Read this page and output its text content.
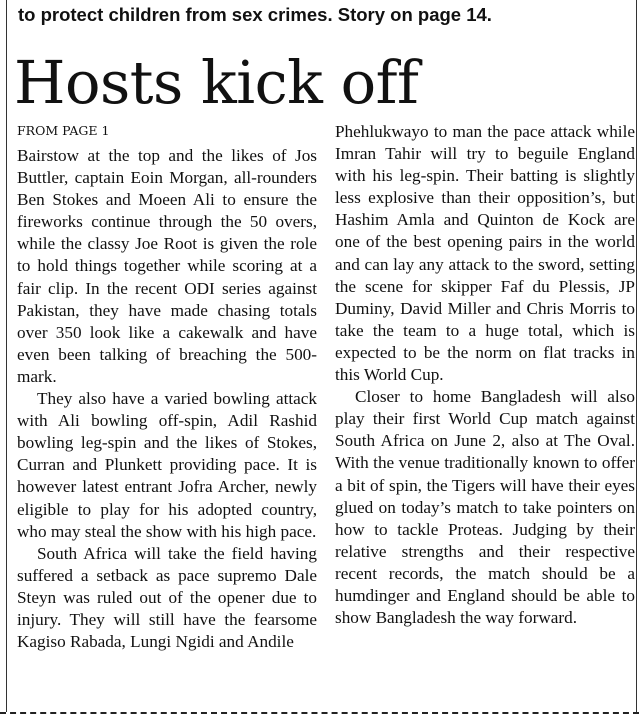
to protect children from sex crimes. Story on page 14.
Hosts kick off
FROM PAGE 1

Bairstow at the top and the likes of Jos Buttler, captain Eoin Morgan, all-rounders Ben Stokes and Moeen Ali to ensure the fireworks continue through the 50 overs, while the classy Joe Root is given the role to hold things together while scoring at a fair clip. In the recent ODI series against Pakistan, they have made chasing totals over 350 look like a cakewalk and have even been talking of breaching the 500-mark.

They also have a varied bowling attack with Ali bowling off-spin, Adil Rashid bowling leg-spin and the likes of Stokes, Curran and Plunkett providing pace. It is however latest entrant Jofra Archer, newly eligible to play for his adopted country, who may steal the show with his high pace.

South Africa will take the field having suffered a setback as pace supremo Dale Steyn was ruled out of the opener due to injury. They will still have the fearsome Kagiso Rabada, Lungi Ngidi and Andile

Phehlukwayo to man the pace attack while Imran Tahir will try to beguile England with his leg-spin. Their batting is slightly less explosive than their opposition’s, but Hashim Amla and Quinton de Kock are one of the best opening pairs in the world and can lay any attack to the sword, setting the scene for skipper Faf du Plessis, JP Duminy, David Miller and Chris Morris to take the team to a huge total, which is expected to be the norm on flat tracks in this World Cup.

Closer to home Bangladesh will also play their first World Cup match against South Africa on June 2, also at The Oval. With the venue traditionally known to offer a bit of spin, the Tigers will have their eyes glued on today’s match to take pointers on how to tackle Proteas. Judging by their relative strengths and their respective recent records, the match should be a humdinger and England should be able to show Bangladesh the way forward.
